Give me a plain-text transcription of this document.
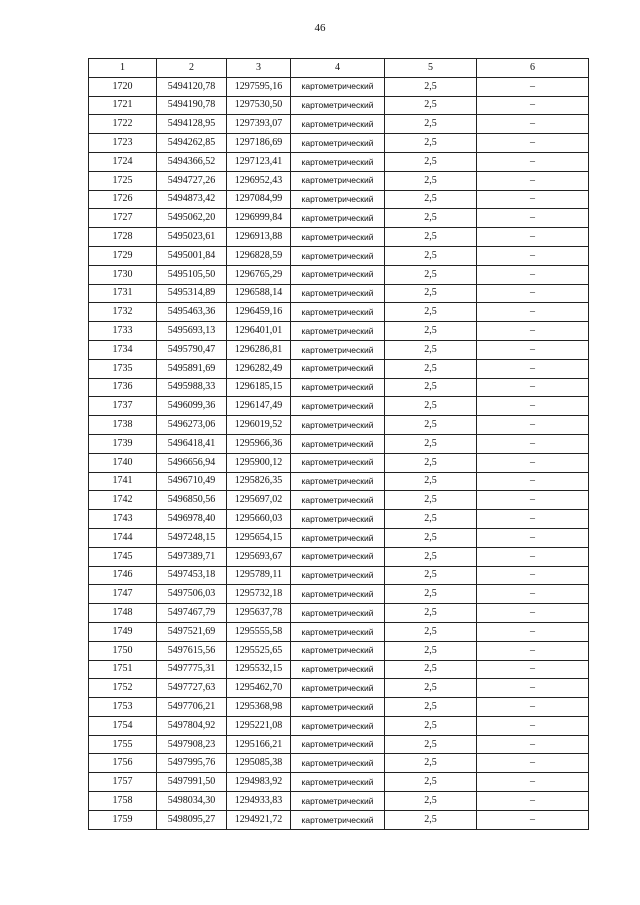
46
1	2	3	4	5	6
1720	5494120,78	1297595,16	картометрический	2,5	–
1721	5494190,78	1297530,50	картометрический	2,5	–
1722	5494128,95	1297393,07	картометрический	2,5	–
1723	5494262,85	1297186,69	картометрический	2,5	–
1724	5494366,52	1297123,41	картометрический	2,5	–
1725	5494727,26	1296952,43	картометрический	2,5	–
1726	5494873,42	1297084,99	картометрический	2,5	–
1727	5495062,20	1296999,84	картометрический	2,5	–
1728	5495023,61	1296913,88	картометрический	2,5	–
1729	5495001,84	1296828,59	картометрический	2,5	–
1730	5495105,50	1296765,29	картометрический	2,5	–
1731	5495314,89	1296588,14	картометрический	2,5	–
1732	5495463,36	1296459,16	картометрический	2,5	–
1733	5495693,13	1296401,01	картометрический	2,5	–
1734	5495790,47	1296286,81	картометрический	2,5	–
1735	5495891,69	1296282,49	картометрический	2,5	–
1736	5495988,33	1296185,15	картометрический	2,5	–
1737	5496099,36	1296147,49	картометрический	2,5	–
1738	5496273,06	1296019,52	картометрический	2,5	–
1739	5496418,41	1295966,36	картометрический	2,5	–
1740	5496656,94	1295900,12	картометрический	2,5	–
1741	5496710,49	1295826,35	картометрический	2,5	–
1742	5496850,56	1295697,02	картометрический	2,5	–
1743	5496978,40	1295660,03	картометрический	2,5	–
1744	5497248,15	1295654,15	картометрический	2,5	–
1745	5497389,71	1295693,67	картометрический	2,5	–
1746	5497453,18	1295789,11	картометрический	2,5	–
1747	5497506,03	1295732,18	картометрический	2,5	–
1748	5497467,79	1295637,78	картометрический	2,5	–
1749	5497521,69	1295555,58	картометрический	2,5	–
1750	5497615,56	1295525,65	картометрический	2,5	–
1751	5497775,31	1295532,15	картометрический	2,5	–
1752	5497727,63	1295462,70	картометрический	2,5	–
1753	5497706,21	1295368,98	картометрический	2,5	–
1754	5497804,92	1295221,08	картометрический	2,5	–
1755	5497908,23	1295166,21	картометрический	2,5	–
1756	5497995,76	1295085,38	картометрический	2,5	–
1757	5497991,50	1294983,92	картометрический	2,5	–
1758	5498034,30	1294933,83	картометрический	2,5	–
1759	5498095,27	1294921,72	картометрический	2,5	–
